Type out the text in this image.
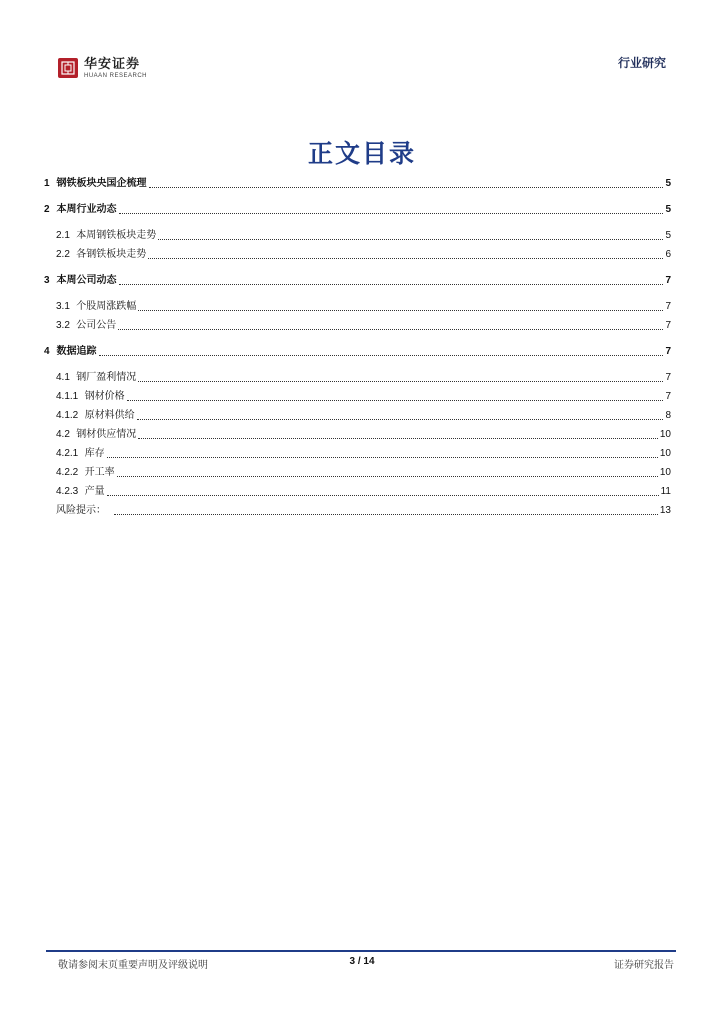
华安证券
HUAAN RESEARCH
行业研究
正文目录
1 钢铁板块央国企梳理	5
2 本周行业动态	5
2.1 本周钢铁板块走势	5
2.2 各钢铁板块走势	6
3 本周公司动态	7
3.1 个股周涨跌幅	7
3.2 公司公告	7
4 数据追踪	7
4.1 钢厂盈利情况	7
4.1.1 钢材价格	7
4.1.2 原材料供给	8
4.2 钢材供应情况	10
4.2.1 库存	10
4.2.2 开工率	10
4.2.3 产量	11
风险提示：	13
敬请参阅末页重要声明及评级说明	3 / 14	证券研究报告
